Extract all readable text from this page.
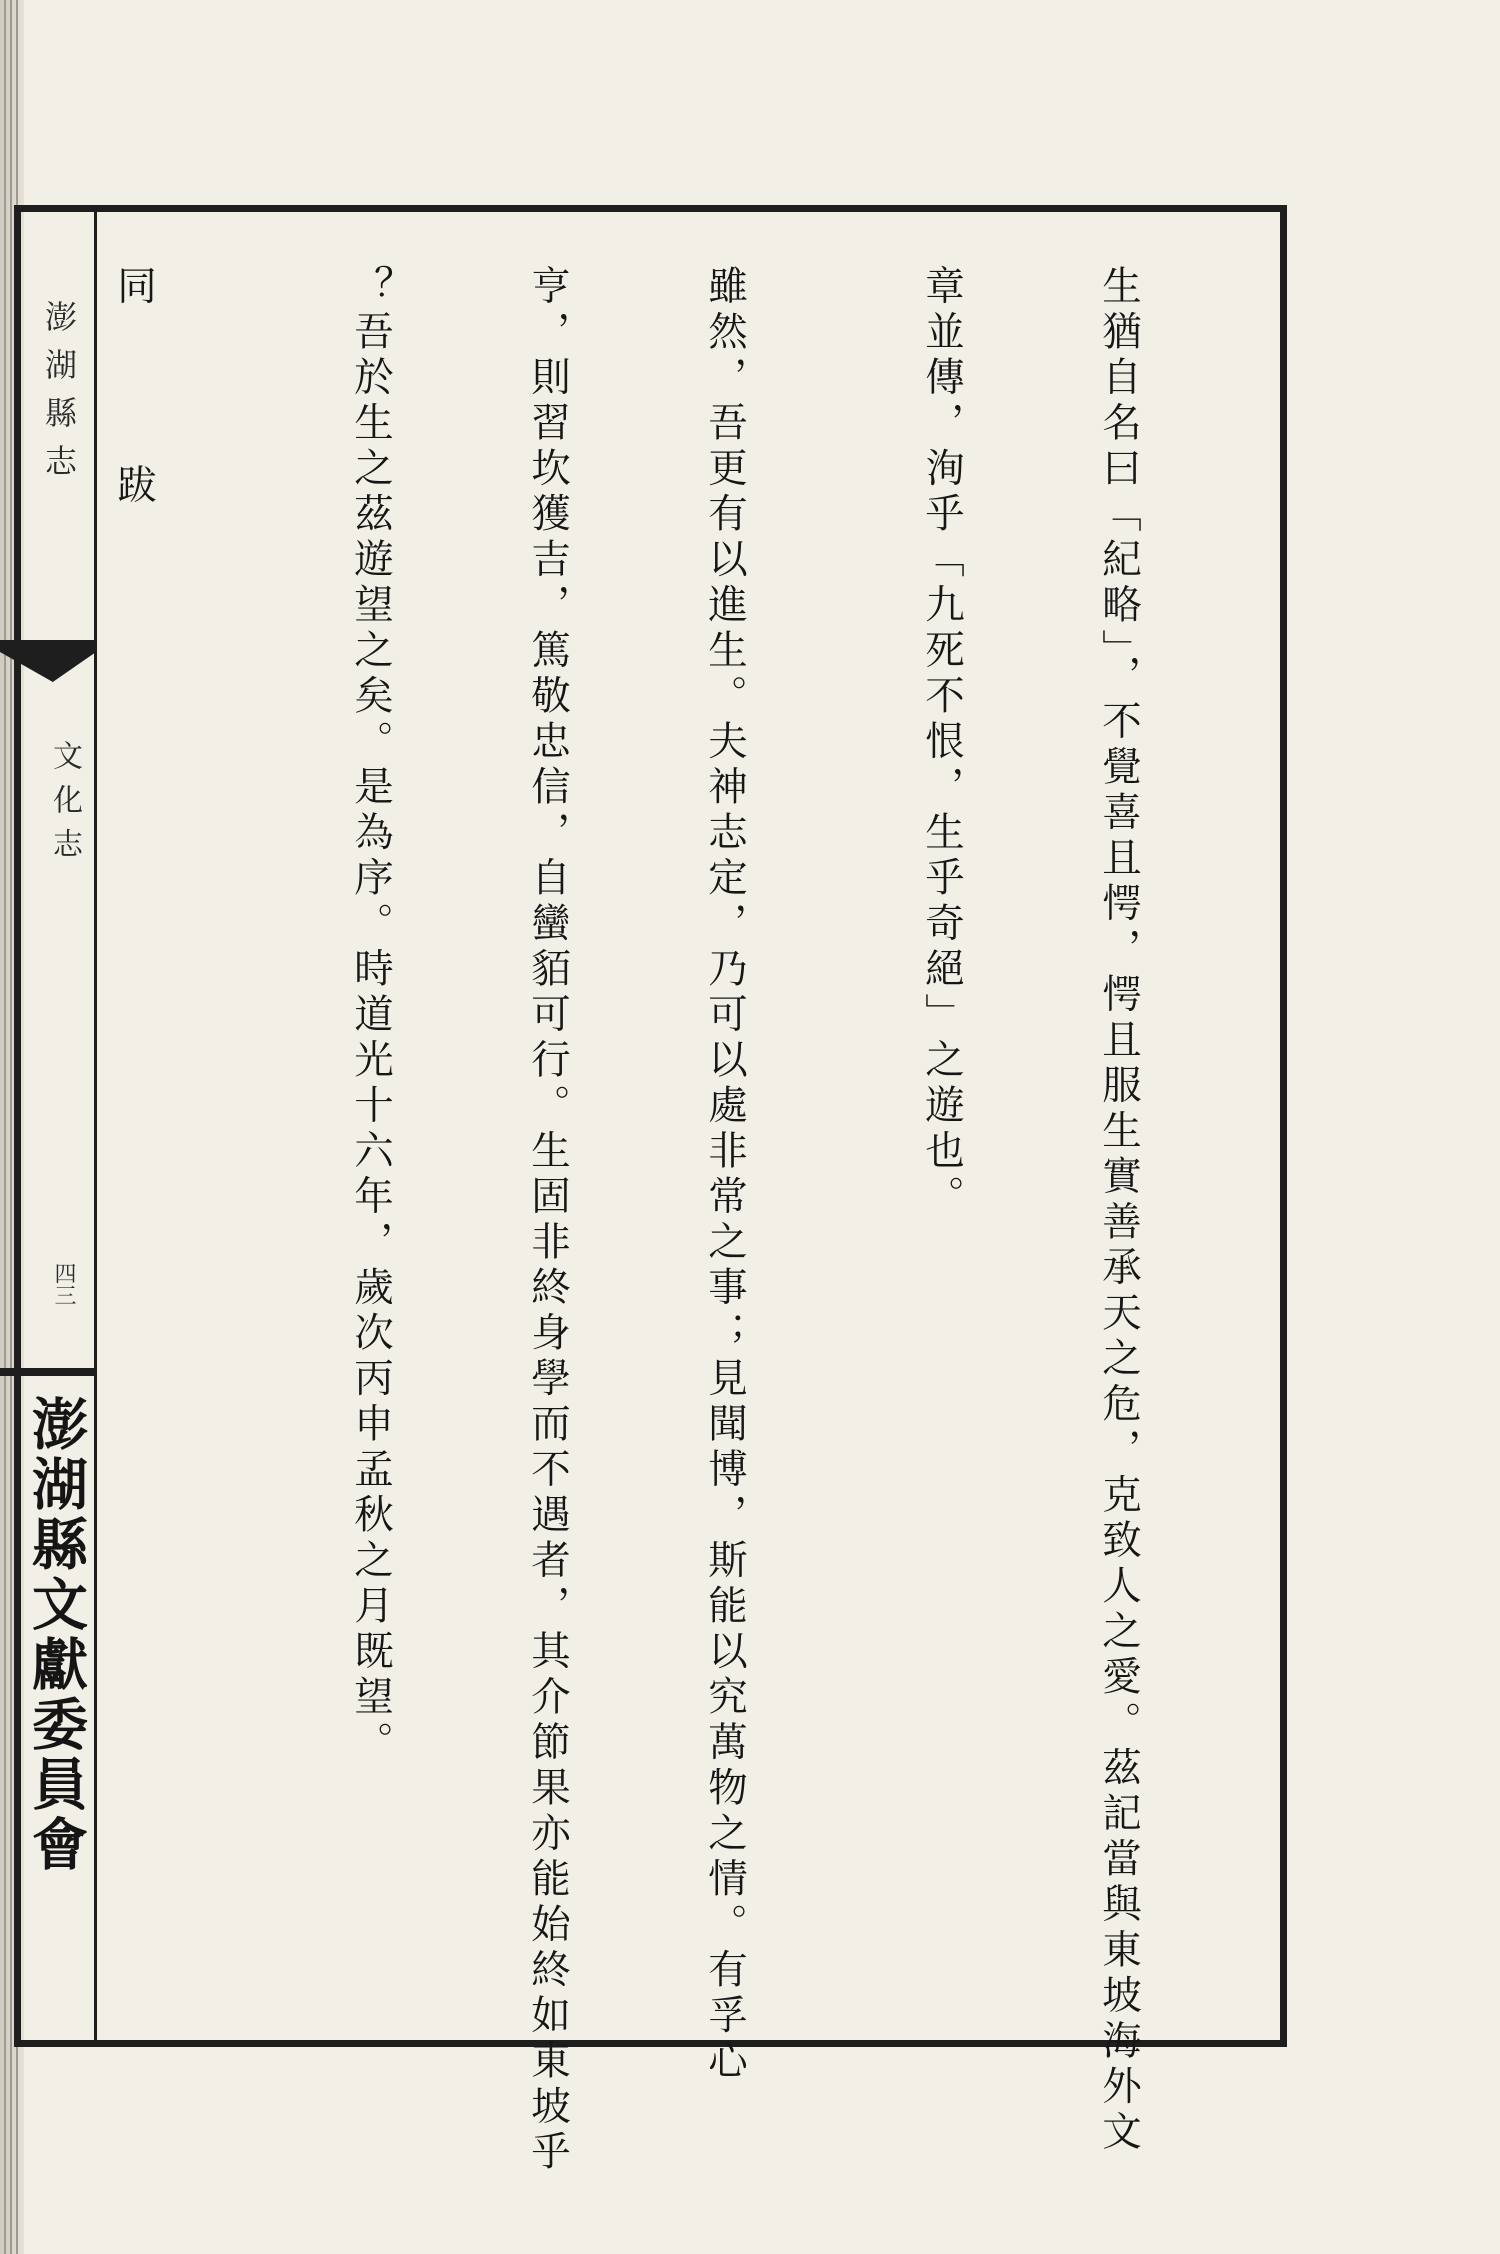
澎湖縣志
文化志
四三
澎湖縣文獻委員會

	生猶自名曰「紀略」，不覺喜且愕，愕且服生實善承天之危，克致人之愛。茲記當與東坡海外文

章並傳，洵乎「九死不恨，生乎奇絕」之遊也。

雖然，吾更有以進生。夫神志定，乃可以處非常之事；見聞博，斯能以究萬物之情。有孚心

亨，則習坎獲吉，篤敬忠信，自蠻貊可行。生固非終身學而不遇者，其介節果亦能始終如東坡乎

？吾於生之茲遊望之矣。是為序。時道光十六年，歲次丙申孟秋之月既望。

同　跋
